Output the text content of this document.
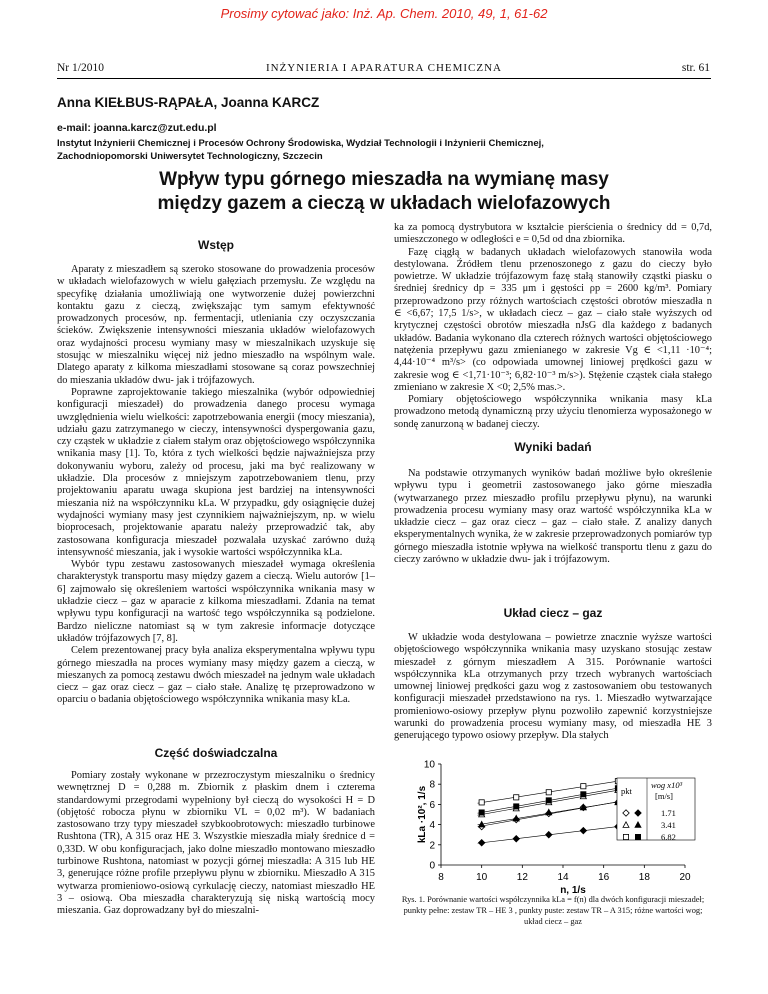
Prosimy cytować jako: Inż. Ap. Chem. 2010, 49, 1, 61-62
Nr 1/2010	INŻYNIERIA I APARATURA CHEMICZNA	str. 61
Anna KIEŁBUS-RĄPAŁA, Joanna KARCZ
e-mail: joanna.karcz@zut.edu.pl
Instytut Inżynierii Chemicznej i Procesów Ochrony Środowiska, Wydział Technologii i Inżynierii Chemicznej,
Zachodniopomorski Uniwersytet Technologiczny, Szczecin
Wpływ typu górnego mieszadła na wymianę masy
między gazem a cieczą w układach wielofazowych
Wstęp

Aparaty z mieszadłem są szeroko stosowane do prowadzenia procesów w układach wielofazowych w wielu gałęziach przemysłu. Ze względu na specyfikę działania umożliwiają one wytworzenie dużej powierzchni kontaktu gazu z cieczą, zwiększając tym samym efektywność prowadzonych procesów, np. fermentacji, utleniania czy oczyszczania ścieków. Zwiększenie intensywności mieszania układów wielofazowych oraz wydajności procesu wymiany masy w mieszalnikach uzyskuje się stosując w mieszalniku więcej niż jedno mieszadło na wspólnym wale. Dlatego aparaty z kilkoma mieszadłami stosowane są coraz powszechniej do mieszania układów dwu- jak i trójfazowych.

Poprawne zaprojektowanie takiego mieszalnika (wybór odpowiedniej konfiguracji mieszadeł) do prowadzenia danego procesu wymaga uwzględnienia wielu wielkości: zapotrzebowania energii (mocy mieszania), udziału gazu zatrzymanego w cieczy, intensywności dyspergowania gazu, czy cząstek w układzie z ciałem stałym oraz objętościowego współczynnika wnikania masy [1]. To, która z tych wielkości będzie najważniejsza przy dokonywaniu wyboru, zależy od procesu, jaki ma być realizowany w układzie. Dla procesów z mniejszym zapotrzebowaniem tlenu, przy projektowaniu aparatu uwaga skupiona jest bardziej na intensywności mieszania niż na współczynniku kLa. W przypadku, gdy osiągnięcie dużej wydajności wymiany masy jest czynnikiem najważniejszym, np. w wielu bioprocesach, projektowanie aparatu należy przeprowadzić tak, aby zastosowana konfiguracja mieszadeł pozwalała uzyskać zarówno dużą intensywność mieszania, jak i wysokie wartości współczynnika kLa.

Wybór typu zestawu zastosowanych mieszadeł wymaga określenia charakterystyk transportu masy między gazem a cieczą. Wielu autorów [1–6] zajmowało się określeniem wartości współczynnika wnikania masy w układzie ciecz – gaz w aparacie z kilkoma mieszadłami. Zdania na temat wpływu typu konfiguracji na wartość tego współczynnika są podzielone. Bardzo nieliczne natomiast są w tym zakresie informacje dotyczące układów trójfazowych [7, 8].

Celem prezentowanej pracy była analiza eksperymentalna wpływu typu górnego mieszadła na proces wymiany masy między gazem a cieczą, w mieszanych za pomocą zestawu dwóch mieszadeł na jednym wale układach ciecz – gaz oraz ciecz – gaz – ciało stałe. Analizę tę przeprowadzono w oparciu o badania objętościowego współczynnika wnikania masy kLa.

Część doświadczalna

Pomiary zostały wykonane w przezroczystym mieszalniku o średnicy wewnętrznej D = 0,288 m. Zbiornik z płaskim dnem i czterema standardowymi przegrodami wypełniony był cieczą do wysokości H = D (objętość robocza płynu w zbiorniku VL = 0,02 m³). W badaniach zastosowano trzy typy mieszadeł szybkoobrotowych: mieszadło turbinowe Rushtona (TR), A 315 oraz HE 3. Wszystkie mieszadła miały średnice d = 0,33D. W obu konfiguracjach, jako dolne mieszadło montowano mieszadło turbinowe Rushtona, natomiast w pozycji górnej mieszadła: A 315 lub HE 3, generujące różne profile przepływu płynu w zbiorniku. Mieszadło A 315 wytwarza promieniowo-osiową cyrkulację cieczy, natomiast mieszadło HE 3 – osiową. Oba mieszadła charakteryzują się niską wartością mocy mieszania. Gaz doprowadzany był do mieszalni-

ka za pomocą dystrybutora w kształcie pierścienia o średnicy dd = 0,7d, umieszczonego w odległości e = 0,5d od dna zbiornika.

Fazę ciągłą w badanych układach wielofazowych stanowiła woda destylowana. Źródłem tlenu przenoszonego z gazu do cieczy było powietrze. W układzie trójfazowym fazę stałą stanowiły cząstki piasku o średniej średnicy dp = 335 μm i gęstości ρp = 2600 kg/m³. Pomiary przeprowadzono przy różnych wartościach częstości obrotów mieszadła n ∈ <6,67; 17,5 1/s>, w układach ciecz – gaz – ciało stałe wyższych od krytycznej częstości obrotów mieszadła nJsG dla każdego z badanych układów. Badania wykonano dla czterech różnych wartości objętościowego natężenia przepływu gazu zmienianego w zakresie Vg ∈ <1,11 ·10⁻⁴; 4,44·10⁻⁴ m³/s> (co odpowiada umownej liniowej prędkości gazu w zakresie wog ∈ <1,71·10⁻³; 6,82·10⁻³ m/s>). Stężenie cząstek ciała stałego zmieniano w zakresie X <0; 2,5% mas.>.

Pomiary objętościowego współczynnika wnikania masy kLa prowadzono metodą dynamiczną przy użyciu tlenomierza wyposażonego w sondę zanurzoną w badanej cieczy.

Wyniki badań

Na podstawie otrzymanych wyników badań możliwe było określenie wpływu typu i geometrii zastosowanego jako górne mieszadła (wytwarzanego przez mieszadło profilu przepływu płynu), na warunki prowadzenia procesu wymiany masy oraz wartość współczynnika kLa w układzie ciecz – gaz oraz ciecz – gaz – ciało stałe. Z analizy danych eksperymentalnych wynika, że w zakresie przeprowadzonych pomiarów typ górnego mieszadła istotnie wpływa na wielkość transportu tlenu z gazu do cieczy zarówno w układzie dwu- jak i trójfazowym.

Układ ciecz – gaz

W układzie woda destylowana – powietrze znacznie wyższe wartości objętościowego współczynnika wnikania masy uzyskano stosując zestaw mieszadeł z górnym mieszadłem A 315. Porównanie wartości współczynnika kLa otrzymanych przy trzech wybranych wartościach umownej liniowej prędkości gazu wog z zastosowaniem obu testowanych konfiguracji mieszadeł przedstawiono na rys. 1. Mieszadło wytwarzające promieniowo-osiowy przepływ płynu pozwoliło zapewnić korzystniejsze warunki do prowadzenia procesu wymiany masy, od mieszadła HE 3 generującego typowo osiowy przepływ. Dla stałych

0
2
4
6
8
10
8	10	12	14	16	18	20
n, 1/s
kLa ·10², 1/s	pkt
wog x10³
[m/s]
1.71
3.41
6.82
Rys. 1. Porównanie wartości współczynnika kLa = f(n) dla dwóch konfiguracji mieszadeł; punkty pełne: zestaw TR – HE 3 , punkty puste: zestaw TR – A 315; różne wartości wog; układ ciecz – gaz
